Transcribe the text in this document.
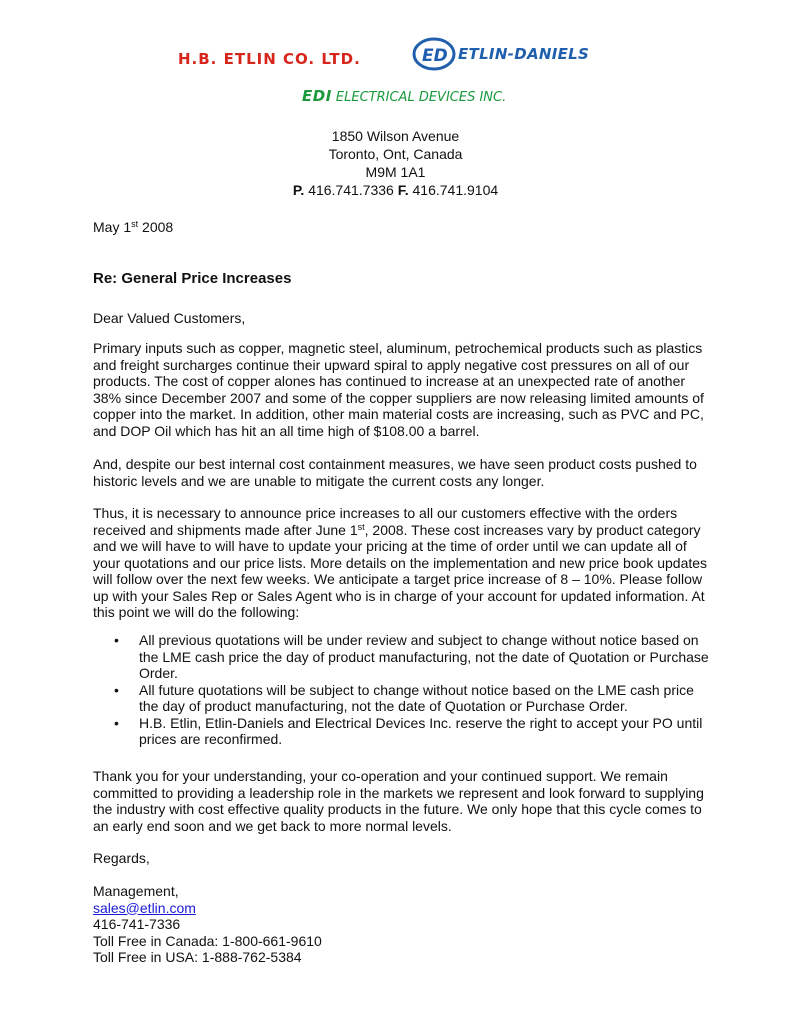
H.B. ETLIN CO. LTD.	ED ETLIN-DANIELS
EDI ELECTRICAL DEVICES INC.
1850 Wilson Avenue
Toronto, Ont, Canada
M9M 1A1
P. 416.741.7336 F. 416.741.9104

May 1st 2008

Re: General Price Increases

Dear Valued Customers,

Primary inputs such as copper, magnetic steel, aluminum, petrochemical products such as plastics and freight surcharges continue their upward spiral to apply negative cost pressures on all of our products. The cost of copper alones has continued to increase at an unexpected rate of another 38% since December 2007 and some of the copper suppliers are now releasing limited amounts of copper into the market. In addition, other main material costs are increasing, such as PVC and PC, and DOP Oil which has hit an all time high of $108.00 a barrel.

And, despite our best internal cost containment measures, we have seen product costs pushed to historic levels and we are unable to mitigate the current costs any longer.

Thus, it is necessary to announce price increases to all our customers effective with the orders received and shipments made after June 1st, 2008. These cost increases vary by product category and we will have to will have to update your pricing at the time of order until we can update all of your quotations and our price lists. More details on the implementation and new price book updates will follow over the next few weeks. We anticipate a target price increase of 8 – 10%. Please follow up with your Sales Rep or Sales Agent who is in charge of your account for updated information. At this point we will do the following:

• All previous quotations will be under review and subject to change without notice based on the LME cash price the day of product manufacturing, not the date of Quotation or Purchase Order.
• All future quotations will be subject to change without notice based on the LME cash price the day of product manufacturing, not the date of Quotation or Purchase Order.
• H.B. Etlin, Etlin-Daniels and Electrical Devices Inc. reserve the right to accept your PO until prices are reconfirmed.

Thank you for your understanding, your co-operation and your continued support. We remain committed to providing a leadership role in the markets we represent and look forward to supplying the industry with cost effective quality products in the future. We only hope that this cycle comes to an early end soon and we get back to more normal levels.

Regards,

Management,
sales@etlin.com
416-741-7336
Toll Free in Canada: 1-800-661-9610
Toll Free in USA: 1-888-762-5384
